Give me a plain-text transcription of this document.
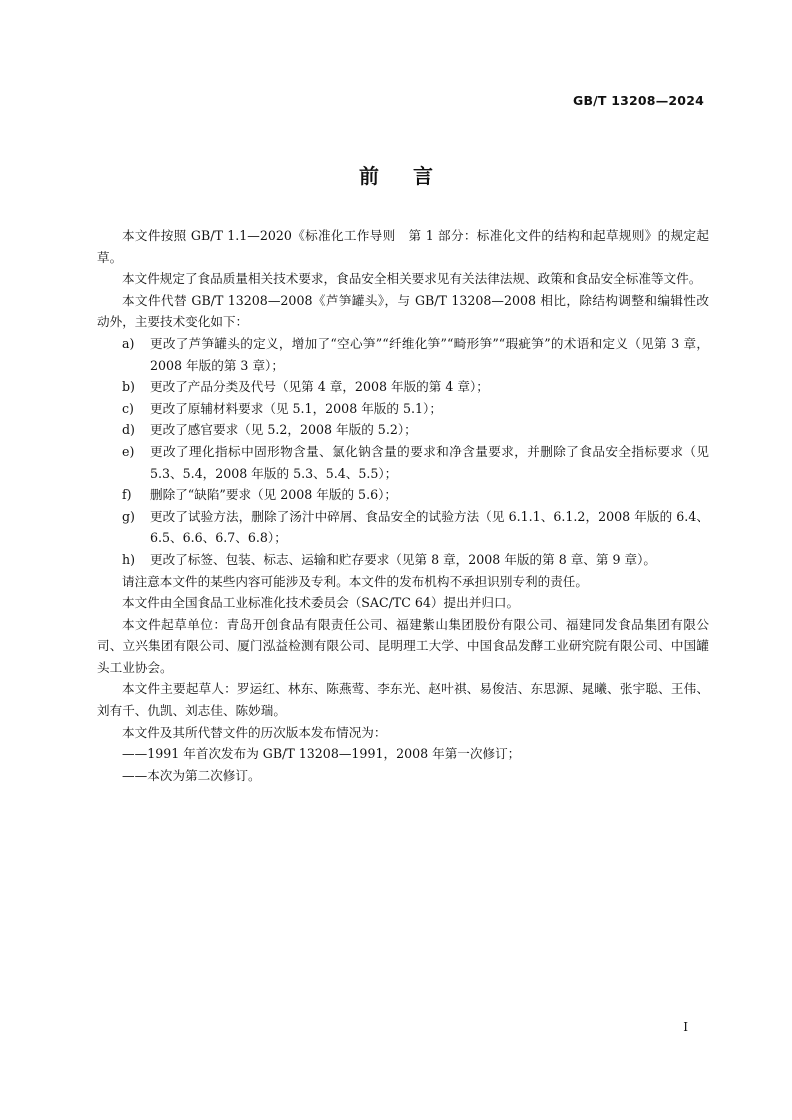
GB/T 13208—2024
前言

本文件按照 GB/T 1.1—2020《标准化工作导则　第 1 部分：标准化文件的结构和起草规则》的规定起草。

本文件规定了食品质量相关技术要求，食品安全相关要求见有关法律法规、政策和食品安全标准等文件。

本文件代替 GB/T 13208—2008《芦笋罐头》，与 GB/T 13208—2008 相比，除结构调整和编辑性改动外，主要技术变化如下：

a) 更改了芦笋罐头的定义，增加了“空心笋”“纤维化笋”“畸形笋”“瑕疵笋”的术语和定义（见第 3 章，2008 年版的第 3 章）；

b) 更改了产品分类及代号（见第 4 章，2008 年版的第 4 章）；

c) 更改了原辅材料要求（见 5.1，2008 年版的 5.1）；

d) 更改了感官要求（见 5.2，2008 年版的 5.2）；

e) 更改了理化指标中固形物含量、氯化钠含量的要求和净含量要求，并删除了食品安全指标要求（见 5.3、5.4，2008 年版的 5.3、5.4、5.5）；

f) 删除了“缺陷”要求（见 2008 年版的 5.6）；

g) 更改了试验方法，删除了汤汁中碎屑、食品安全的试验方法（见 6.1.1、6.1.2，2008 年版的 6.4、6.5、6.6、6.7、6.8）；

h) 更改了标签、包装、标志、运输和贮存要求（见第 8 章，2008 年版的第 8 章、第 9 章）。

请注意本文件的某些内容可能涉及专利。本文件的发布机构不承担识别专利的责任。

本文件由全国食品工业标准化技术委员会（SAC/TC 64）提出并归口。

本文件起草单位：青岛开创食品有限责任公司、福建紫山集团股份有限公司、福建同发食品集团有限公司、立兴集团有限公司、厦门泓益检测有限公司、昆明理工大学、中国食品发酵工业研究院有限公司、中国罐头工业协会。

本文件主要起草人：罗运红、林东、陈燕莺、李东光、赵叶祺、易俊洁、东思源、晁曦、张宇聪、王伟、刘有千、仇凯、刘志佳、陈妙瑞。

本文件及其所代替文件的历次版本发布情况为：

——1991 年首次发布为 GB/T 13208—1991，2008 年第一次修订；

——本次为第二次修订。

I
